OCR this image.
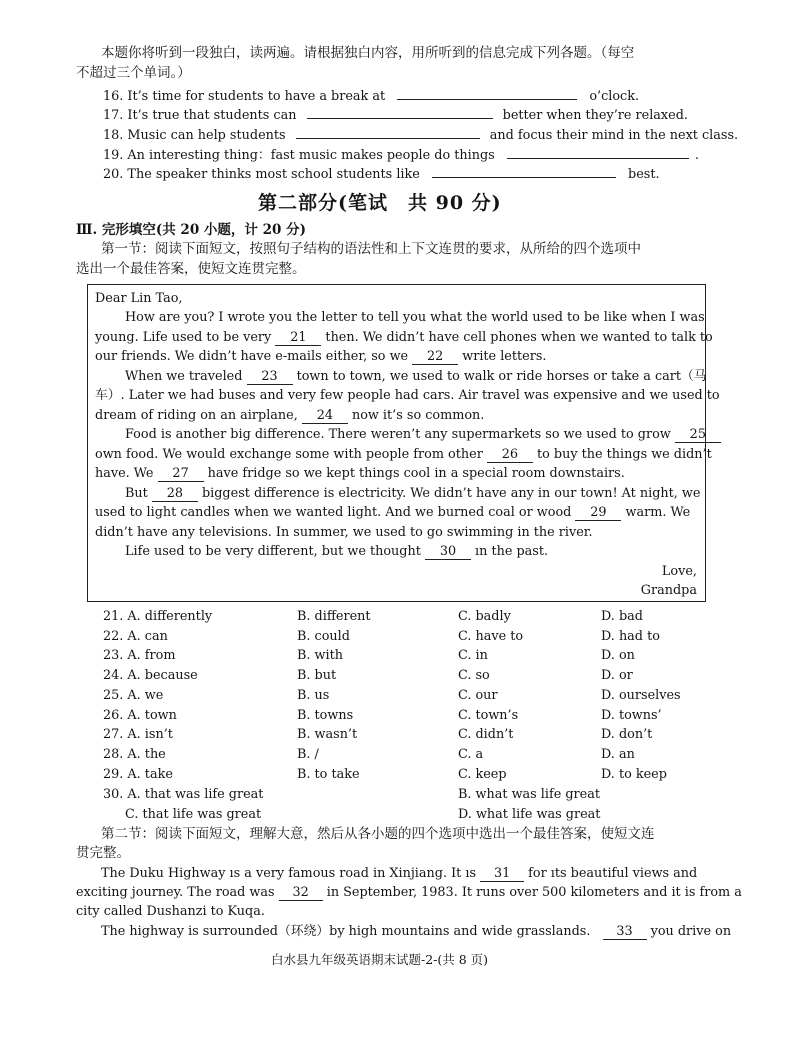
本题你将听到一段独白，读两遍。请根据独白内容，用所听到的信息完成下列各题。（每空
不超过三个单词。）
16. It’s time for students to have a break at	o’clock.
17. It’s true that students can	better when they’re relaxed.
18. Music can help students	and focus their mind in the next class.
19. An interesting thing：fast music makes people do things	.
20. The speaker thinks most school students like	best.
第二部分(笔试　共 90 分)
Ⅲ. 完形填空(共 20 小题，计 20 分)
第一节：阅读下面短文，按照句子结构的语法性和上下文连贯的要求，从所给的四个选项中
选出一个最佳答案，使短文连贯完整。
Dear Lin Tao,
How are you? I wrote you the letter to tell you what the world used to be like when I was
young. Life used to be very 21 then. We didn’t have cell phones when we wanted to talk to
our friends. We didn’t have e-mails either, so we 22 write letters.
When we traveled 23 town to town, we used to walk or ride horses or take a cart（马
车）. Later we had buses and very few people had cars. Air travel was expensive and we used to
dream of riding on an airplane, 24 now it’s so common.
Food is another big difference. There weren’t any supermarkets so we used to grow 25
own food. We would exchange some with people from other 26 to buy the things we didn’t
have. We 27 have fridge so we kept things cool in a special room downstairs.
But 28 biggest difference is electricity. We didn’t have any in our town! At night, we
used to light candles when we wanted light. And we burned coal or wood 29 warm. We
didn’t have any televisions. In summer, we used to go swimming in the river.
Life used to be very different, but we thought 30 ın the past.
Love,
Grandpa
21. A. differently	B. different	C. badly	D. bad
22. A. can	B. could	C. have to	D. had to
23. A. from	B. with	C. in	D. on
24. A. because	B. but	C. so	D. or
25. A. we	B. us	C. our	D. ourselves
26. A. town	B. towns	C. town’s	D. towns’
27. A. isn’t	B. wasn’t	C. didn’t	D. don’t
28. A. the	B. ∕	C. a	D. an
29. A. take	B. to take	C. keep	D. to keep
30. A. that was life great	B. what was life great
C. that life was great	D. what life was great
第二节：阅读下面短文，理解大意，然后从各小题的四个选项中选出一个最佳答案，使短文连
贯完整。
The Duku Highway ıs a very famous road in Xinjiang. It ıs 31 for ıts beautiful views and
exciting journey. The road was 32 in September, 1983. It runs over 500 kilometers and it is from a
city called Dushanzi to Kuqa.
The highway is surrounded（环绕）by high mountains and wide grasslands. 33 you drive on
白水县九年级英语期末试题-2-(共 8 页)
